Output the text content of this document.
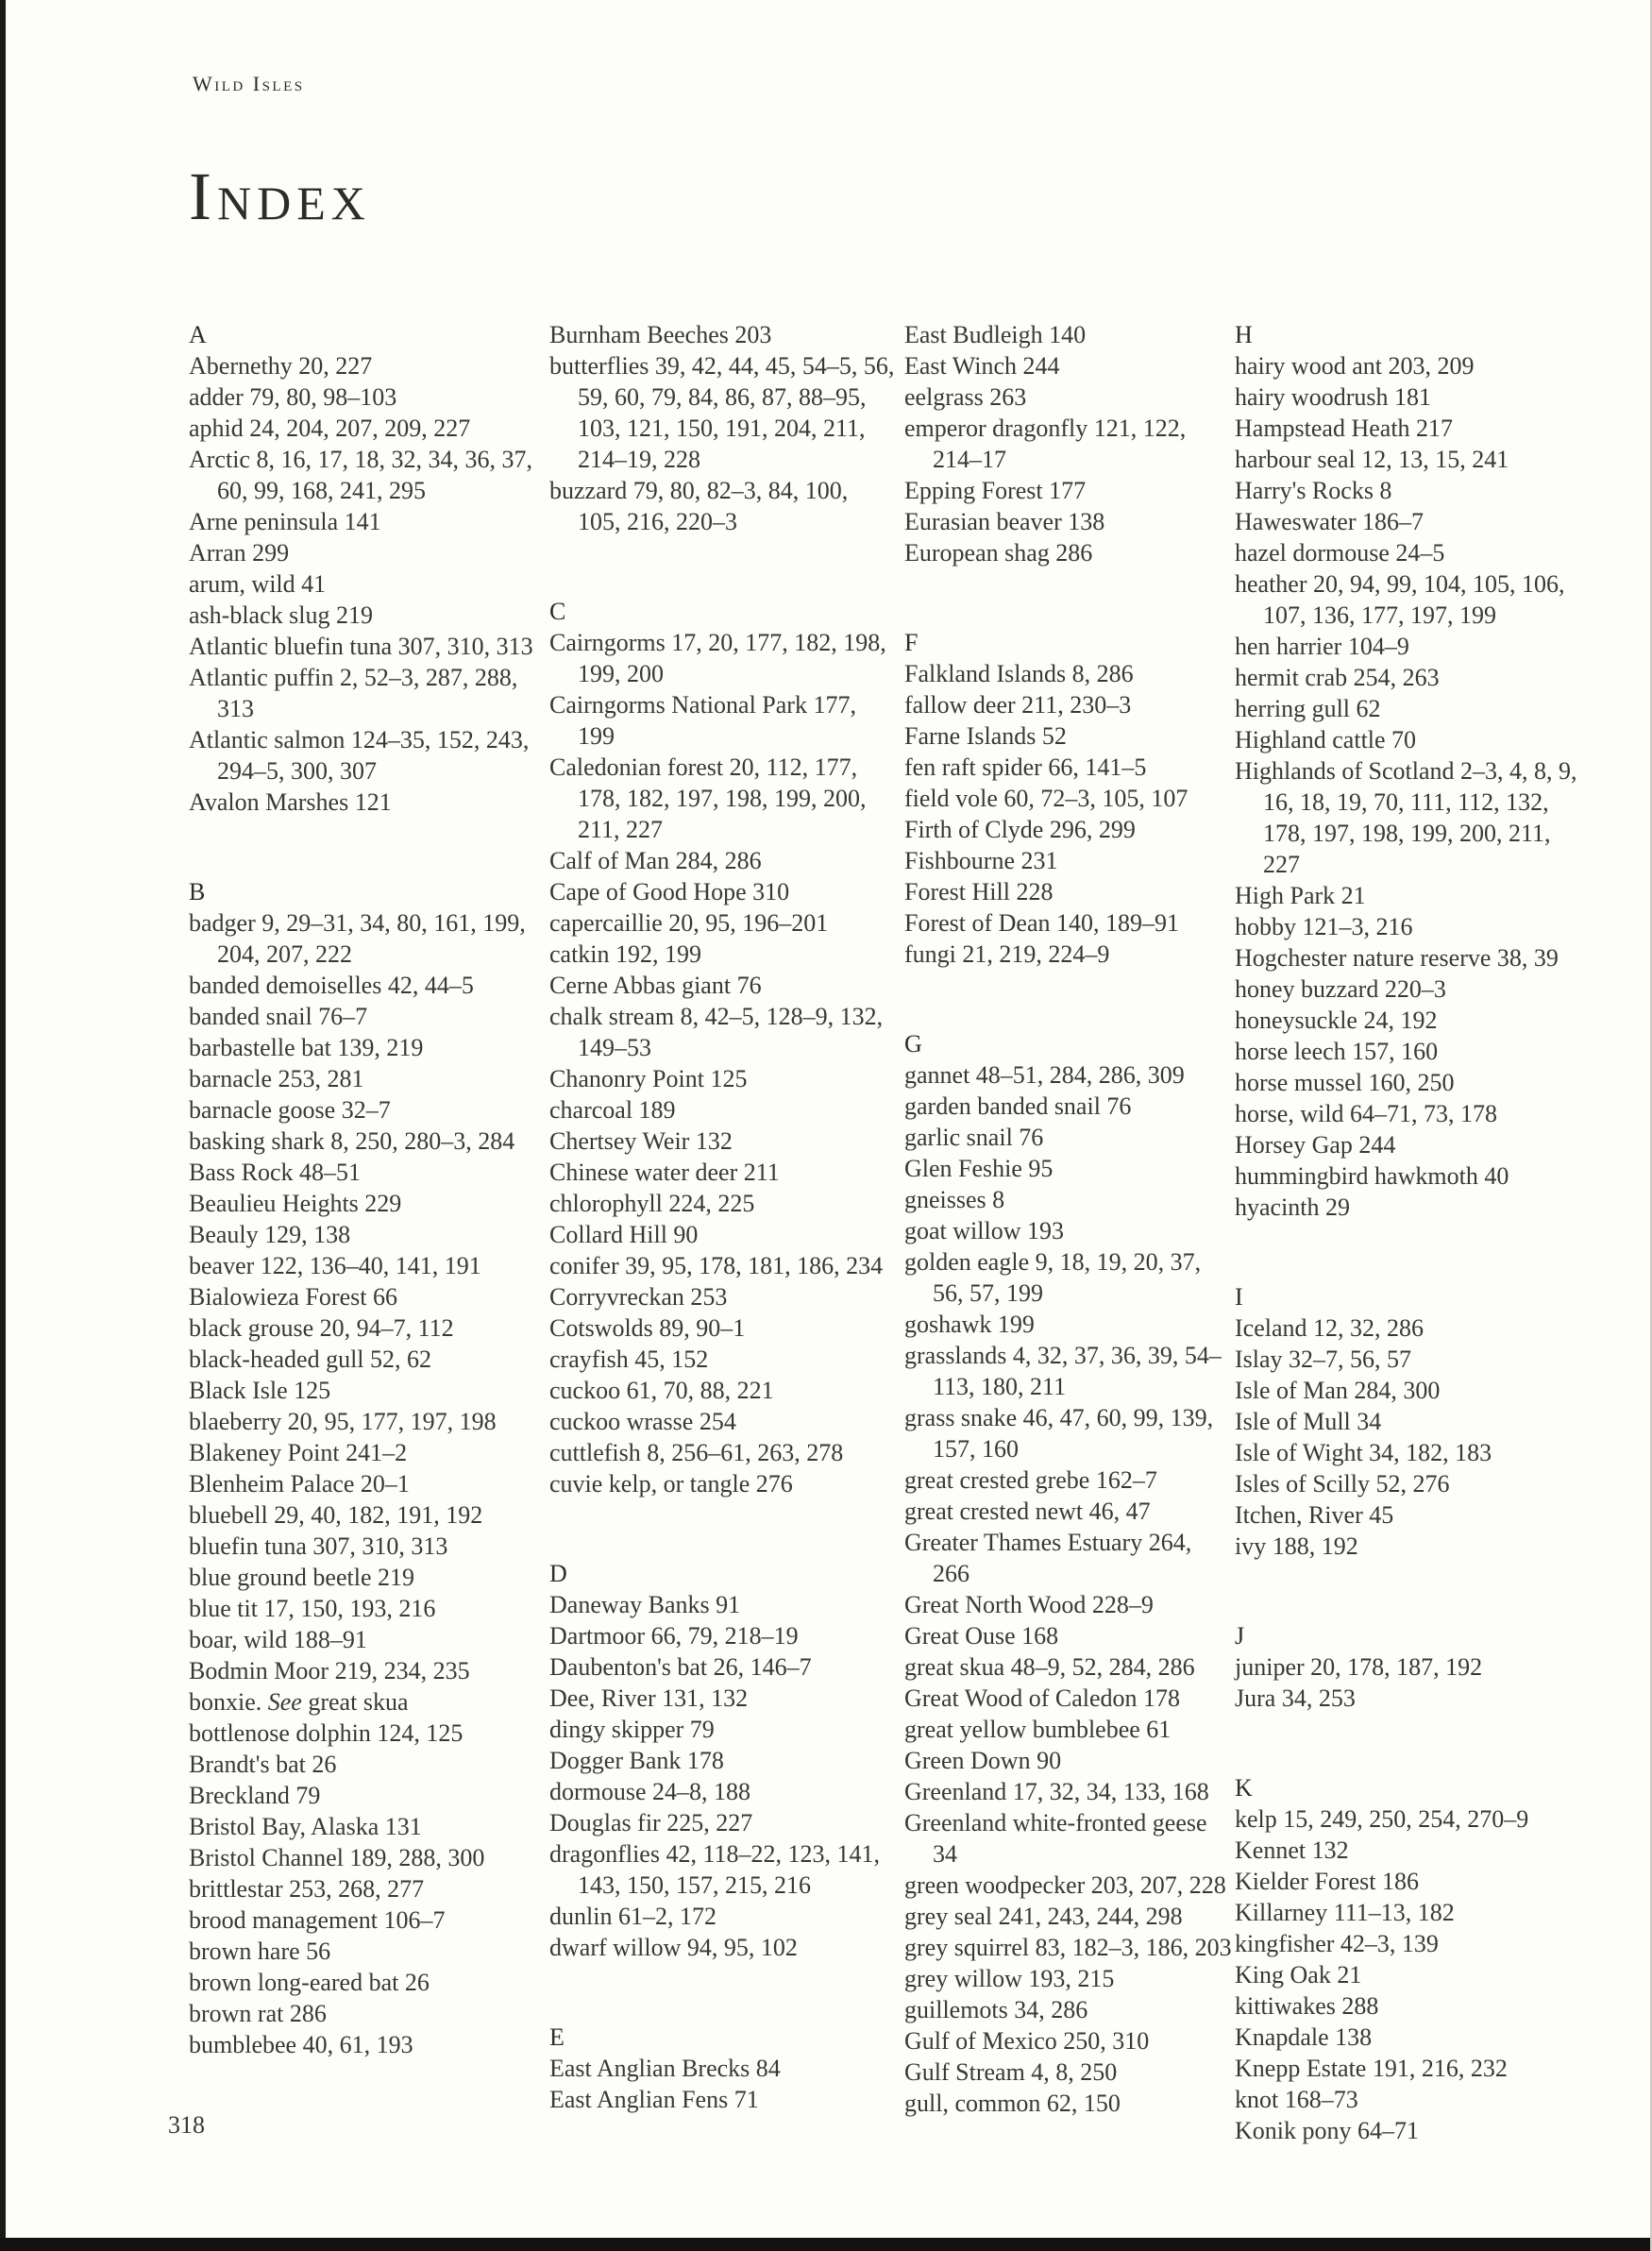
Wild Isles
Index
A
Abernethy 20, 227
adder 79, 80, 98–103
aphid 24, 204, 207, 209, 227
Arctic 8, 16, 17, 18, 32, 34, 36, 37, 60, 99, 168, 241, 295
Arne peninsula 141
Arran 299
arum, wild 41
ash-black slug 219
Atlantic bluefin tuna 307, 310, 313
Atlantic puffin 2, 52–3, 287, 288, 313
Atlantic salmon 124–35, 152, 243, 294–5, 300, 307
Avalon Marshes 121
B
badger 9, 29–31, 34, 80, 161, 199, 204, 207, 222
banded demoiselles 42, 44–5
banded snail 76–7
barbastelle bat 139, 219
barnacle 253, 281
barnacle goose 32–7
basking shark 8, 250, 280–3, 284
Bass Rock 48–51
Beaulieu Heights 229
Beauly 129, 138
beaver 122, 136–40, 141, 191
Bialowieza Forest 66
black grouse 20, 94–7, 112
black-headed gull 52, 62
Black Isle 125
blaeberry 20, 95, 177, 197, 198
Blakeney Point 241–2
Blenheim Palace 20–1
bluebell 29, 40, 182, 191, 192
bluefin tuna 307, 310, 313
blue ground beetle 219
blue tit 17, 150, 193, 216
boar, wild 188–91
Bodmin Moor 219, 234, 235
bonxie. See great skua
bottlenose dolphin 124, 125
Brandt's bat 26
Breckland 79
Bristol Bay, Alaska 131
Bristol Channel 189, 288, 300
brittlestar 253, 268, 277
brood management 106–7
brown hare 56
brown long-eared bat 26
brown rat 286
bumblebee 40, 61, 193
Burnham Beeches 203
butterflies 39, 42, 44, 45, 54–5, 56, 59, 60, 79, 84, 86, 87, 88–95, 103, 121, 150, 191, 204, 211, 214–19, 228
buzzard 79, 80, 82–3, 84, 100, 105, 216, 220–3
C
Cairngorms 17, 20, 177, 182, 198, 199, 200
Cairngorms National Park 177, 199
Caledonian forest 20, 112, 177, 178, 182, 197, 198, 199, 200, 211, 227
Calf of Man 284, 286
Cape of Good Hope 310
capercaillie 20, 95, 196–201
catkin 192, 199
Cerne Abbas giant 76
chalk stream 8, 42–5, 128–9, 132, 149–53
Chanonry Point 125
charcoal 189
Chertsey Weir 132
Chinese water deer 211
chlorophyll 224, 225
Collard Hill 90
conifer 39, 95, 178, 181, 186, 234
Corryvreckan 253
Cotswolds 89, 90–1
crayfish 45, 152
cuckoo 61, 70, 88, 221
cuckoo wrasse 254
cuttlefish 8, 256–61, 263, 278
cuvie kelp, or tangle 276
D
Daneway Banks 91
Dartmoor 66, 79, 218–19
Daubenton's bat 26, 146–7
Dee, River 131, 132
dingy skipper 79
Dogger Bank 178
dormouse 24–8, 188
Douglas fir 225, 227
dragonflies 42, 118–22, 123, 141, 143, 150, 157, 215, 216
dunlin 61–2, 172
dwarf willow 94, 95, 102
E
East Anglian Brecks 84
East Anglian Fens 71
East Budleigh 140
East Winch 244
eelgrass 263
emperor dragonfly 121, 122, 214–17
Epping Forest 177
Eurasian beaver 138
European shag 286
F
Falkland Islands 8, 286
fallow deer 211, 230–3
Farne Islands 52
fen raft spider 66, 141–5
field vole 60, 72–3, 105, 107
Firth of Clyde 296, 299
Fishbourne 231
Forest Hill 228
Forest of Dean 140, 189–91
fungi 21, 219, 224–9
G
gannet 48–51, 284, 286, 309
garden banded snail 76
garlic snail 76
Glen Feshie 95
gneisses 8
goat willow 193
golden eagle 9, 18, 19, 20, 37, 56, 57, 199
goshawk 199
grasslands 4, 32, 37, 36, 39, 54–113, 180, 211
grass snake 46, 47, 60, 99, 139, 157, 160
great crested grebe 162–7
great crested newt 46, 47
Greater Thames Estuary 264, 266
Great North Wood 228–9
Great Ouse 168
great skua 48–9, 52, 284, 286
Great Wood of Caledon 178
great yellow bumblebee 61
Green Down 90
Greenland 17, 32, 34, 133, 168
Greenland white-fronted geese 34
green woodpecker 203, 207, 228
grey seal 241, 243, 244, 298
grey squirrel 83, 182–3, 186, 203
grey willow 193, 215
guillemots 34, 286
Gulf of Mexico 250, 310
Gulf Stream 4, 8, 250
gull, common 62, 150
H
hairy wood ant 203, 209
hairy woodrush 181
Hampstead Heath 217
harbour seal 12, 13, 15, 241
Harry's Rocks 8
Haweswater 186–7
hazel dormouse 24–5
heather 20, 94, 99, 104, 105, 106, 107, 136, 177, 197, 199
hen harrier 104–9
hermit crab 254, 263
herring gull 62
Highland cattle 70
Highlands of Scotland 2–3, 4, 8, 9, 16, 18, 19, 70, 111, 112, 132, 178, 197, 198, 199, 200, 211, 227
High Park 21
hobby 121–3, 216
Hogchester nature reserve 38, 39
honey buzzard 220–3
honeysuckle 24, 192
horse leech 157, 160
horse mussel 160, 250
horse, wild 64–71, 73, 178
Horsey Gap 244
hummingbird hawkmoth 40
hyacinth 29
I
Iceland 12, 32, 286
Islay 32–7, 56, 57
Isle of Man 284, 300
Isle of Mull 34
Isle of Wight 34, 182, 183
Isles of Scilly 52, 276
Itchen, River 45
ivy 188, 192
J
juniper 20, 178, 187, 192
Jura 34, 253
K
kelp 15, 249, 250, 254, 270–9
Kennet 132
Kielder Forest 186
Killarney 111–13, 182
kingfisher 42–3, 139
King Oak 21
kittiwakes 288
Knapdale 138
Knepp Estate 191, 216, 232
knot 168–73
Konik pony 64–71
318
